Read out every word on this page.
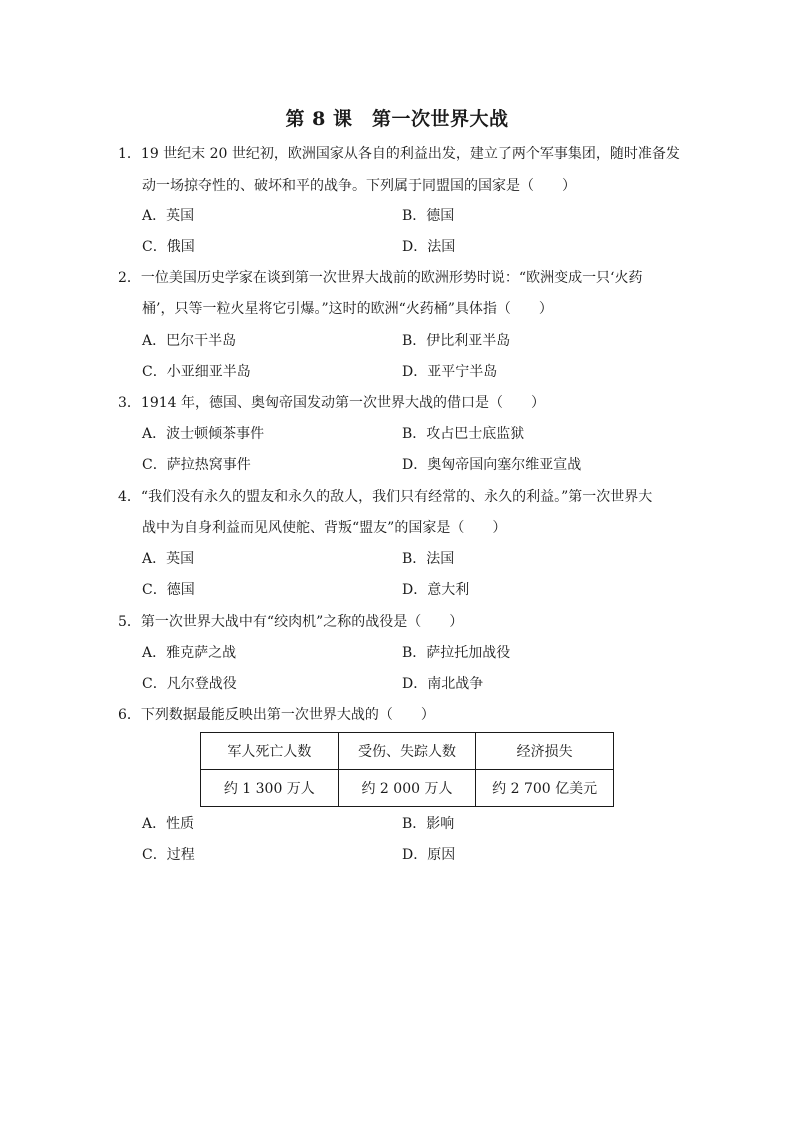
第 8 课　第一次世界大战
1．19 世纪末 20 世纪初，欧洲国家从各自的利益出发，建立了两个军事集团，随时准备发
动一场掠夺性的、破坏和平的战争。下列属于同盟国的国家是（　　）
A．英国	B．德国
C．俄国	D．法国
2．一位美国历史学家在谈到第一次世界大战前的欧洲形势时说：“欧洲变成一只‘火药
桶’，只等一粒火星将它引爆。”这时的欧洲“火药桶”具体指（　　）
A．巴尔干半岛	B．伊比利亚半岛
C．小亚细亚半岛	D．亚平宁半岛
3．1914 年，德国、奥匈帝国发动第一次世界大战的借口是（　　）
A．波士顿倾茶事件	B．攻占巴士底监狱
C．萨拉热窝事件	D．奥匈帝国向塞尔维亚宣战
4．“我们没有永久的盟友和永久的敌人，我们只有经常的、永久的利益。”第一次世界大
战中为自身利益而见风使舵、背叛“盟友”的国家是（　　）
A．英国	B．法国
C．德国	D．意大利
5．第一次世界大战中有“绞肉机”之称的战役是（　　）
A．雅克萨之战	B．萨拉托加战役
C．凡尔登战役	D．南北战争
6．下列数据最能反映出第一次世界大战的（　　）
军人死亡人数	受伤、失踪人数	经济损失
约 1 300 万人	约 2 000 万人	约 2 700 亿美元
A．性质	B．影响
C．过程	D．原因
